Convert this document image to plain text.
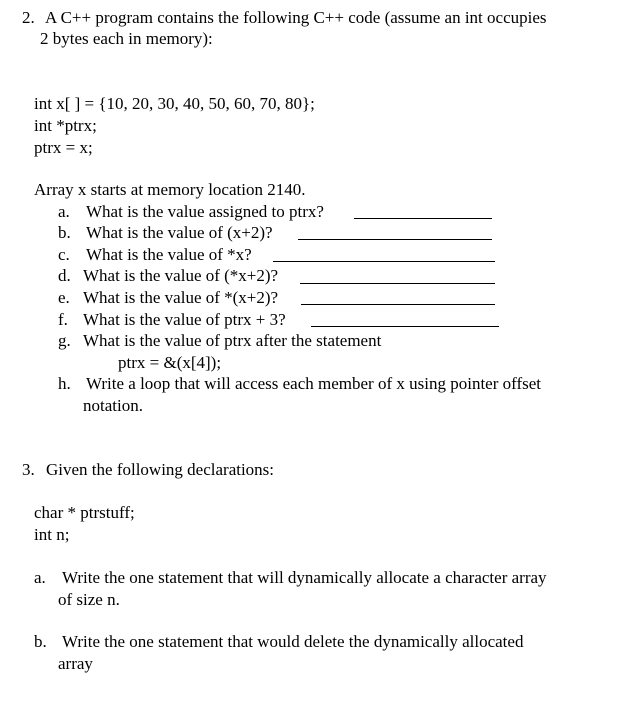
2. A C++ program contains the following C++ code (assume an int occupies
2 bytes each in memory):
int x[ ] = {10, 20, 30, 40, 50, 60, 70, 80};
int *ptrx;
ptrx = x;
Array x starts at memory location 2140.
a. What is the value assigned to ptrx?
b. What is the value of (x+2)?
c. What is the value of *x?
d. What is the value of (*x+2)?
e. What is the value of *(x+2)?
f. What is the value of ptrx + 3?
g. What is the value of ptrx after the statement
ptrx = &(x[4]);
h. Write a loop that will access each member of x using pointer offset
notation.
3. Given the following declarations:
char * ptrstuff;
int n;
a. Write the one statement that will dynamically allocate a character array
of size n.
b. Write the one statement that would delete the dynamically allocated
array
